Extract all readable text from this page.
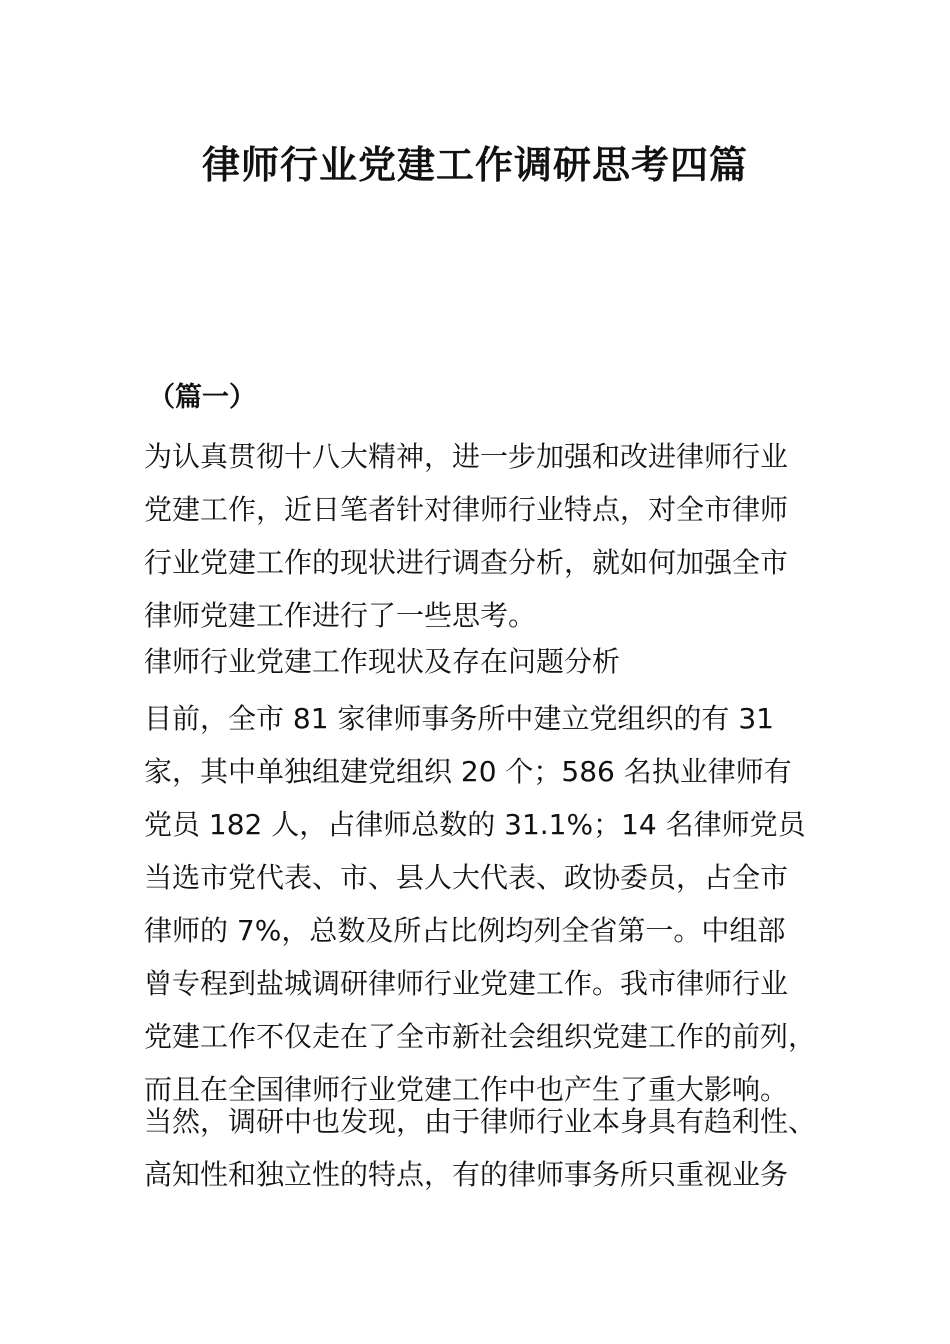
律师行业党建工作调研思考四篇
（篇一）
为认真贯彻十八大精神，进一步加强和改进律师行业
党建工作，近日笔者针对律师行业特点，对全市律师
行业党建工作的现状进行调查分析，就如何加强全市
律师党建工作进行了一些思考。
律师行业党建工作现状及存在问题分析
目前，全市 81 家律师事务所中建立党组织的有 31
家，其中单独组建党组织 20 个；586 名执业律师有
党员 182 人，占律师总数的 31.1%；14 名律师党员
当选市党代表、市、县人大代表、政协委员，占全市
律师的 7%，总数及所占比例均列全省第一。中组部
曾专程到盐城调研律师行业党建工作。我市律师行业
党建工作不仅走在了全市新社会组织党建工作的前列，
而且在全国律师行业党建工作中也产生了重大影响。
当然，调研中也发现，由于律师行业本身具有趋利性、
高知性和独立性的特点，有的律师事务所只重视业务
